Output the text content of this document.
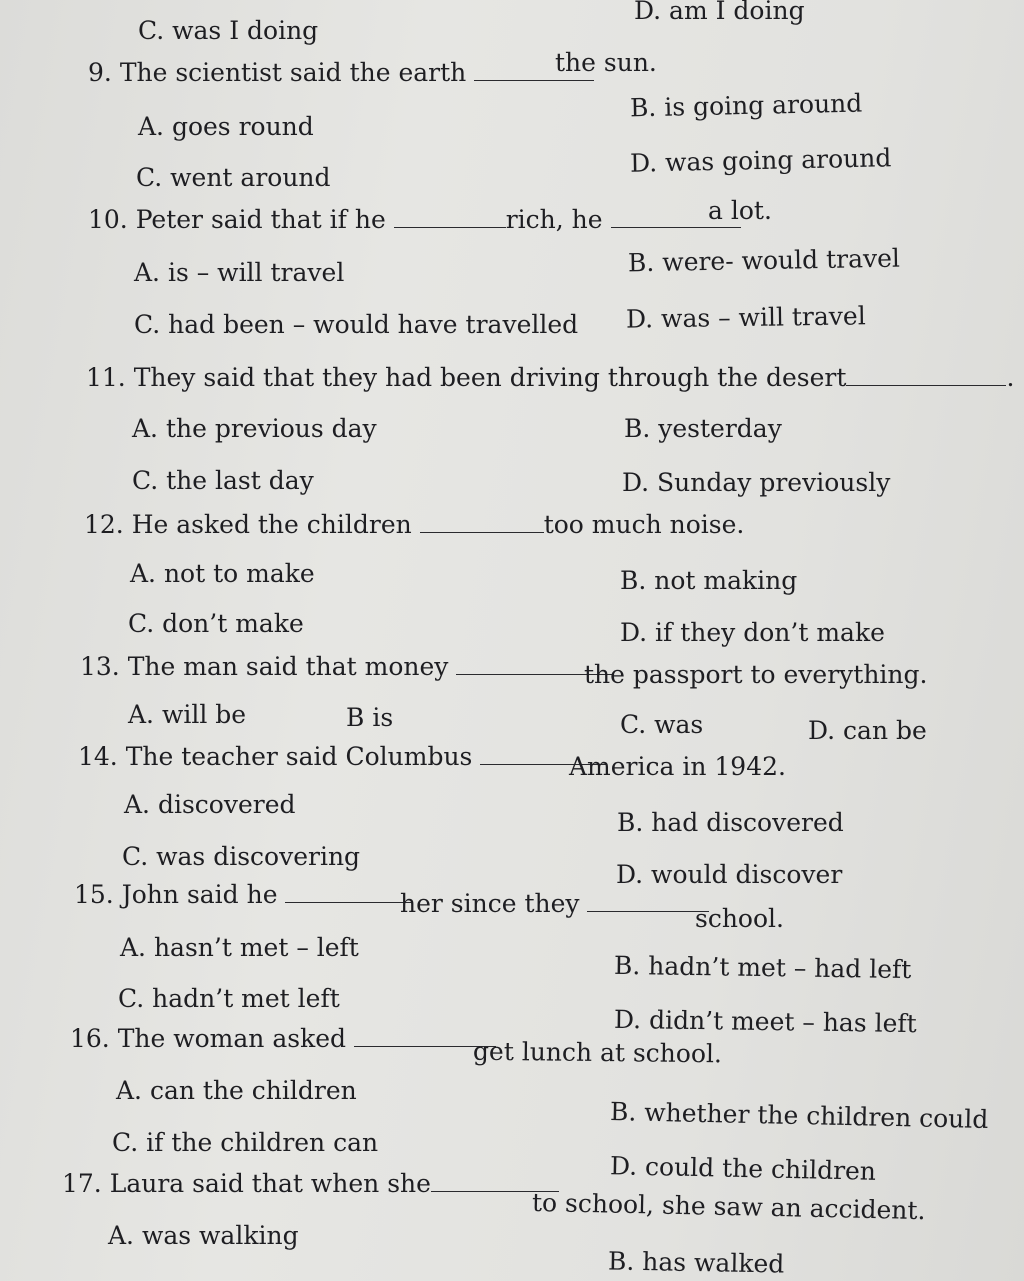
C. was I doing
D. am I doing
9. The scientist said the earth	the sun.
A. goes round
B. is going around
C. went around	D. was going around
10. Peter said that if he	rich, he	a lot.
A. is – will travel	B. were- would travel
C. had been – would have travelled D. was – will travel
11. They said that they had been driving through the desert	.
A. the previous day	B. yesterday
C. the last day	D. Sunday previously
12. He asked the children	too much noise.
A. not to make	B. not making
C. don’t make	D. if they don’t make
13. The man said that money	the passport to everything.
A. will be	B is	C. was	D. can be
14. The teacher said Columbus	America in 1942.
A. discovered
B. had discovered
C. was discovering
D. would discover
15. John said he	her since they
school.
A. hasn’t met – left
B. hadn’t met – had left
C. hadn’t met left
D. didn’t meet – has left
16. The woman asked	get lunch at school.
A. can the children
B. whether the children could
C. if the children can
D. could the children
17. Laura said that when she
to school, she saw an accident.
A. was walking
B. has walked
